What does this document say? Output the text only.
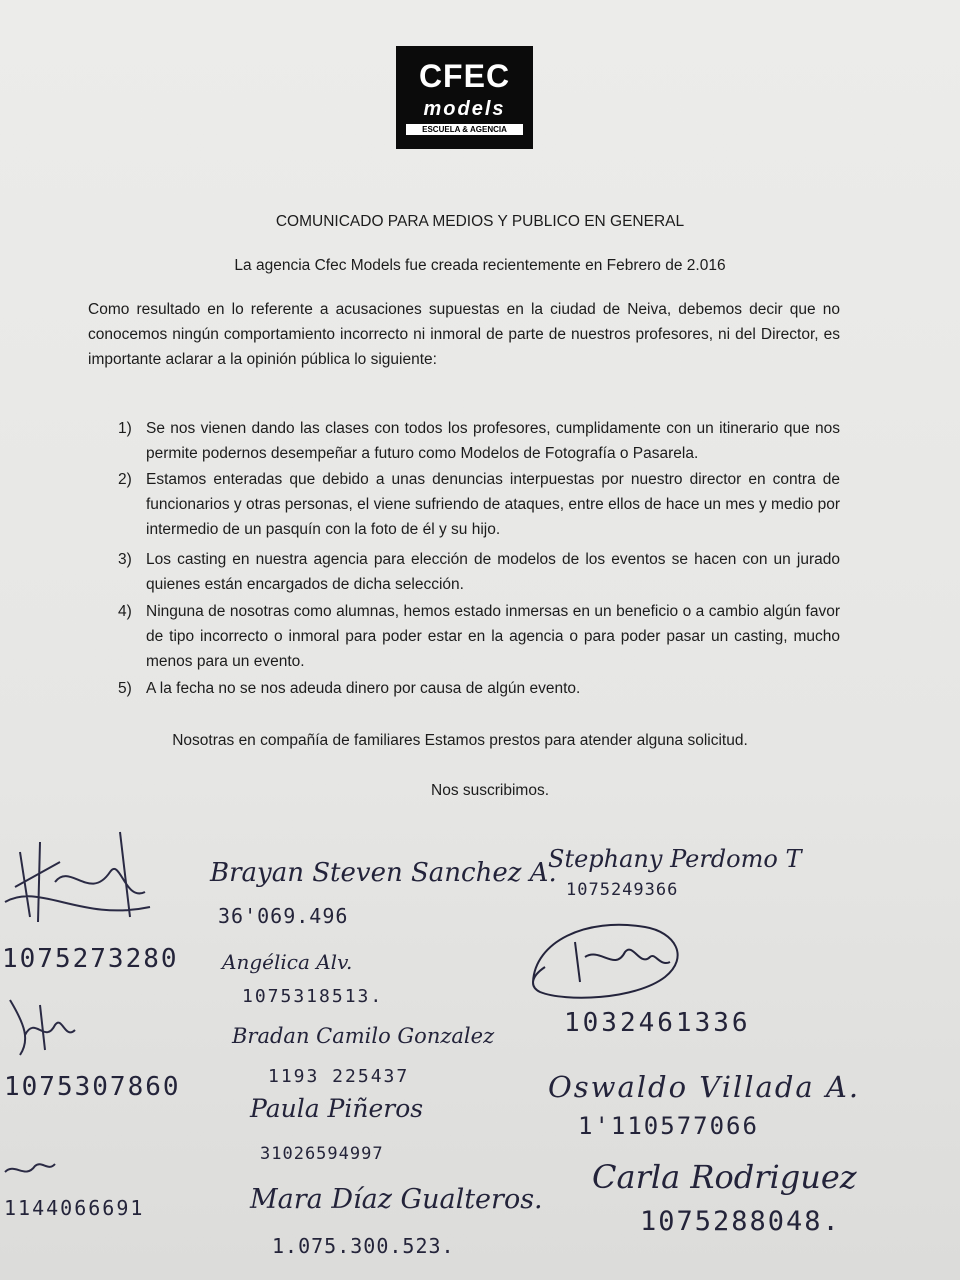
CFEC
models
ESCUELA & AGENCIA
COMUNICADO PARA MEDIOS Y PUBLICO EN GENERAL
La agencia Cfec Models fue creada recientemente en Febrero de 2.016
Como resultado en lo referente a acusaciones supuestas en la ciudad de Neiva, debemos decir que no conocemos ningún comportamiento incorrecto ni inmoral de parte de nuestros profesores, ni del Director, es importante aclarar a la opinión pública lo siguiente:
1) Se nos vienen dando las clases con todos los profesores, cumplidamente con un itinerario que nos permite podernos desempeñar a futuro como Modelos de Fotografía o Pasarela.
2) Estamos enteradas que debido a unas denuncias interpuestas por nuestro director en contra de funcionarios y otras personas, el viene sufriendo de ataques, entre ellos de hace un mes y medio por intermedio de un pasquín con la foto de él y su hijo.
3) Los casting en nuestra agencia para elección de modelos de los eventos se hacen con un jurado quienes están encargados de dicha selección.
4) Ninguna de nosotras como alumnas, hemos estado inmersas en un beneficio o a cambio algún favor de tipo incorrecto o inmoral para poder estar en la agencia o para poder pasar un casting, mucho menos para un evento.
5) A la fecha no se nos adeuda dinero por causa de algún evento.
Nosotras en compañía de familiares Estamos prestos para atender alguna solicitud.
Nos suscribimos.
1075273280
1075307860
1144066691
Brayan Steven Sanchez A.
36'069.496
Angélica Alv.
1075318513.
Bradan Camilo Gonzalez
1193 225437
Paula Piñeros
31026594997
Mara Díaz Gualteros.
1.075.300.523.
Stephany Perdomo T
1075249366
1032461336
Oswaldo Villada A.
1'110577066
Carla Rodriguez
1075288048.
